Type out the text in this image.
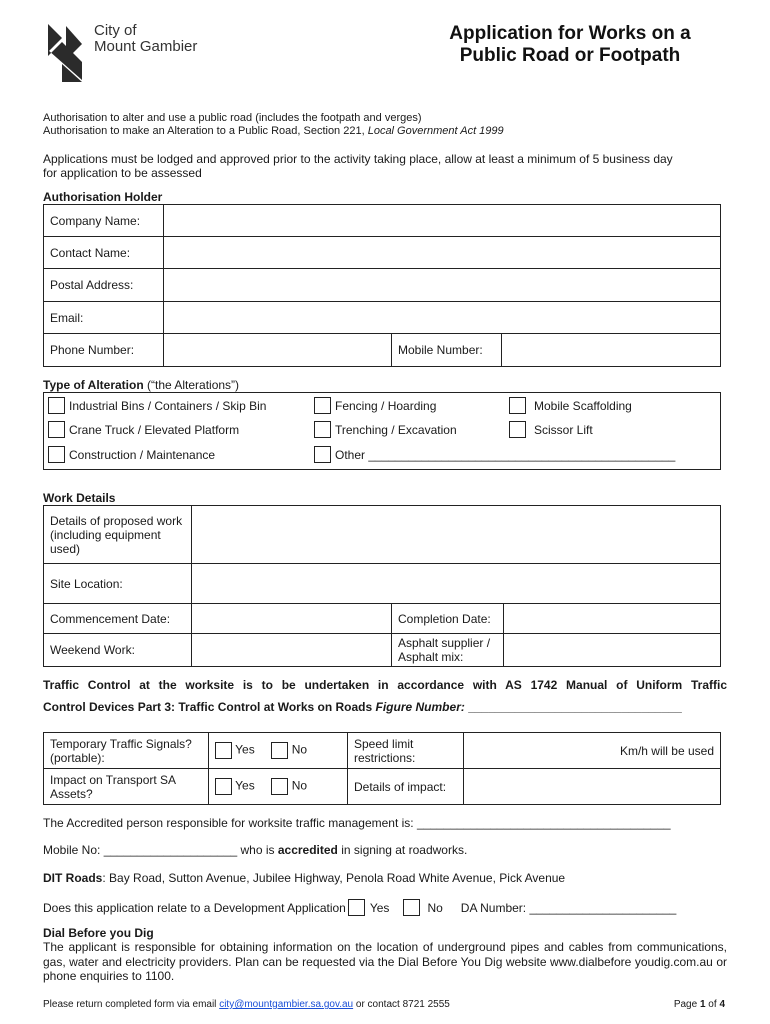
City of
Mount Gambier
Application for Works on a
Public Road or Footpath
Authorisation to alter and use a public road (includes the footpath and verges)
Authorisation to make an Alteration to a Public Road, Section 221, Local Government Act 1999
Applications must be lodged and approved prior to the activity taking place, allow at least a minimum of 5 business day
for application to be assessed
Authorisation Holder
Company Name:			
Contact Name:			
Postal Address:			
Email:			
Phone Number:		Mobile Number:	
Type of Alteration (“the Alterations”)
Industrial Bins / Containers / Skip Bin	Fencing / Hoarding	Mobile Scaffolding
Crane Truck / Elevated Platform	Trenching / Excavation	Scissor Lift
Construction / Maintenance	Other ______________________________________________
Work Details
Details of proposed work (including equipment used)			
Site Location:			
Commencement Date:		Completion Date:	
Weekend Work:		Asphalt supplier / Asphalt mix:	
Traffic Control at the worksite is to be undertaken in accordance with AS 1742 Manual of Uniform Traffic
Control Devices Part 3: Traffic Control at Works on Roads Figure Number: ________________________________
Temporary Traffic Signals? (portable):	Yes No	Speed limit restrictions:	Km/h will be used
Impact on Transport SA Assets?	Yes No	Details of impact:	
The Accredited person responsible for worksite traffic management is: ______________________________________
Mobile No: ____________________ who is accredited in signing at roadworks.
DIT Roads: Bay Road, Sutton Avenue, Jubilee Highway, Penola Road White Avenue, Pick Avenue
Does this application relate to a Development Application Yes	No DA Number: ______________________
Dial Before you Dig
The applicant is responsible for obtaining information on the location of underground pipes and cables from communications, gas, water and electricity providers. Plan can be requested via the Dial Before You Dig website www.dialbefore youdig.com.au or phone enquiries to 1100.
Please return completed form via email city@mountgambier.sa.gov.au or contact 8721 2555	Page 1 of 4
